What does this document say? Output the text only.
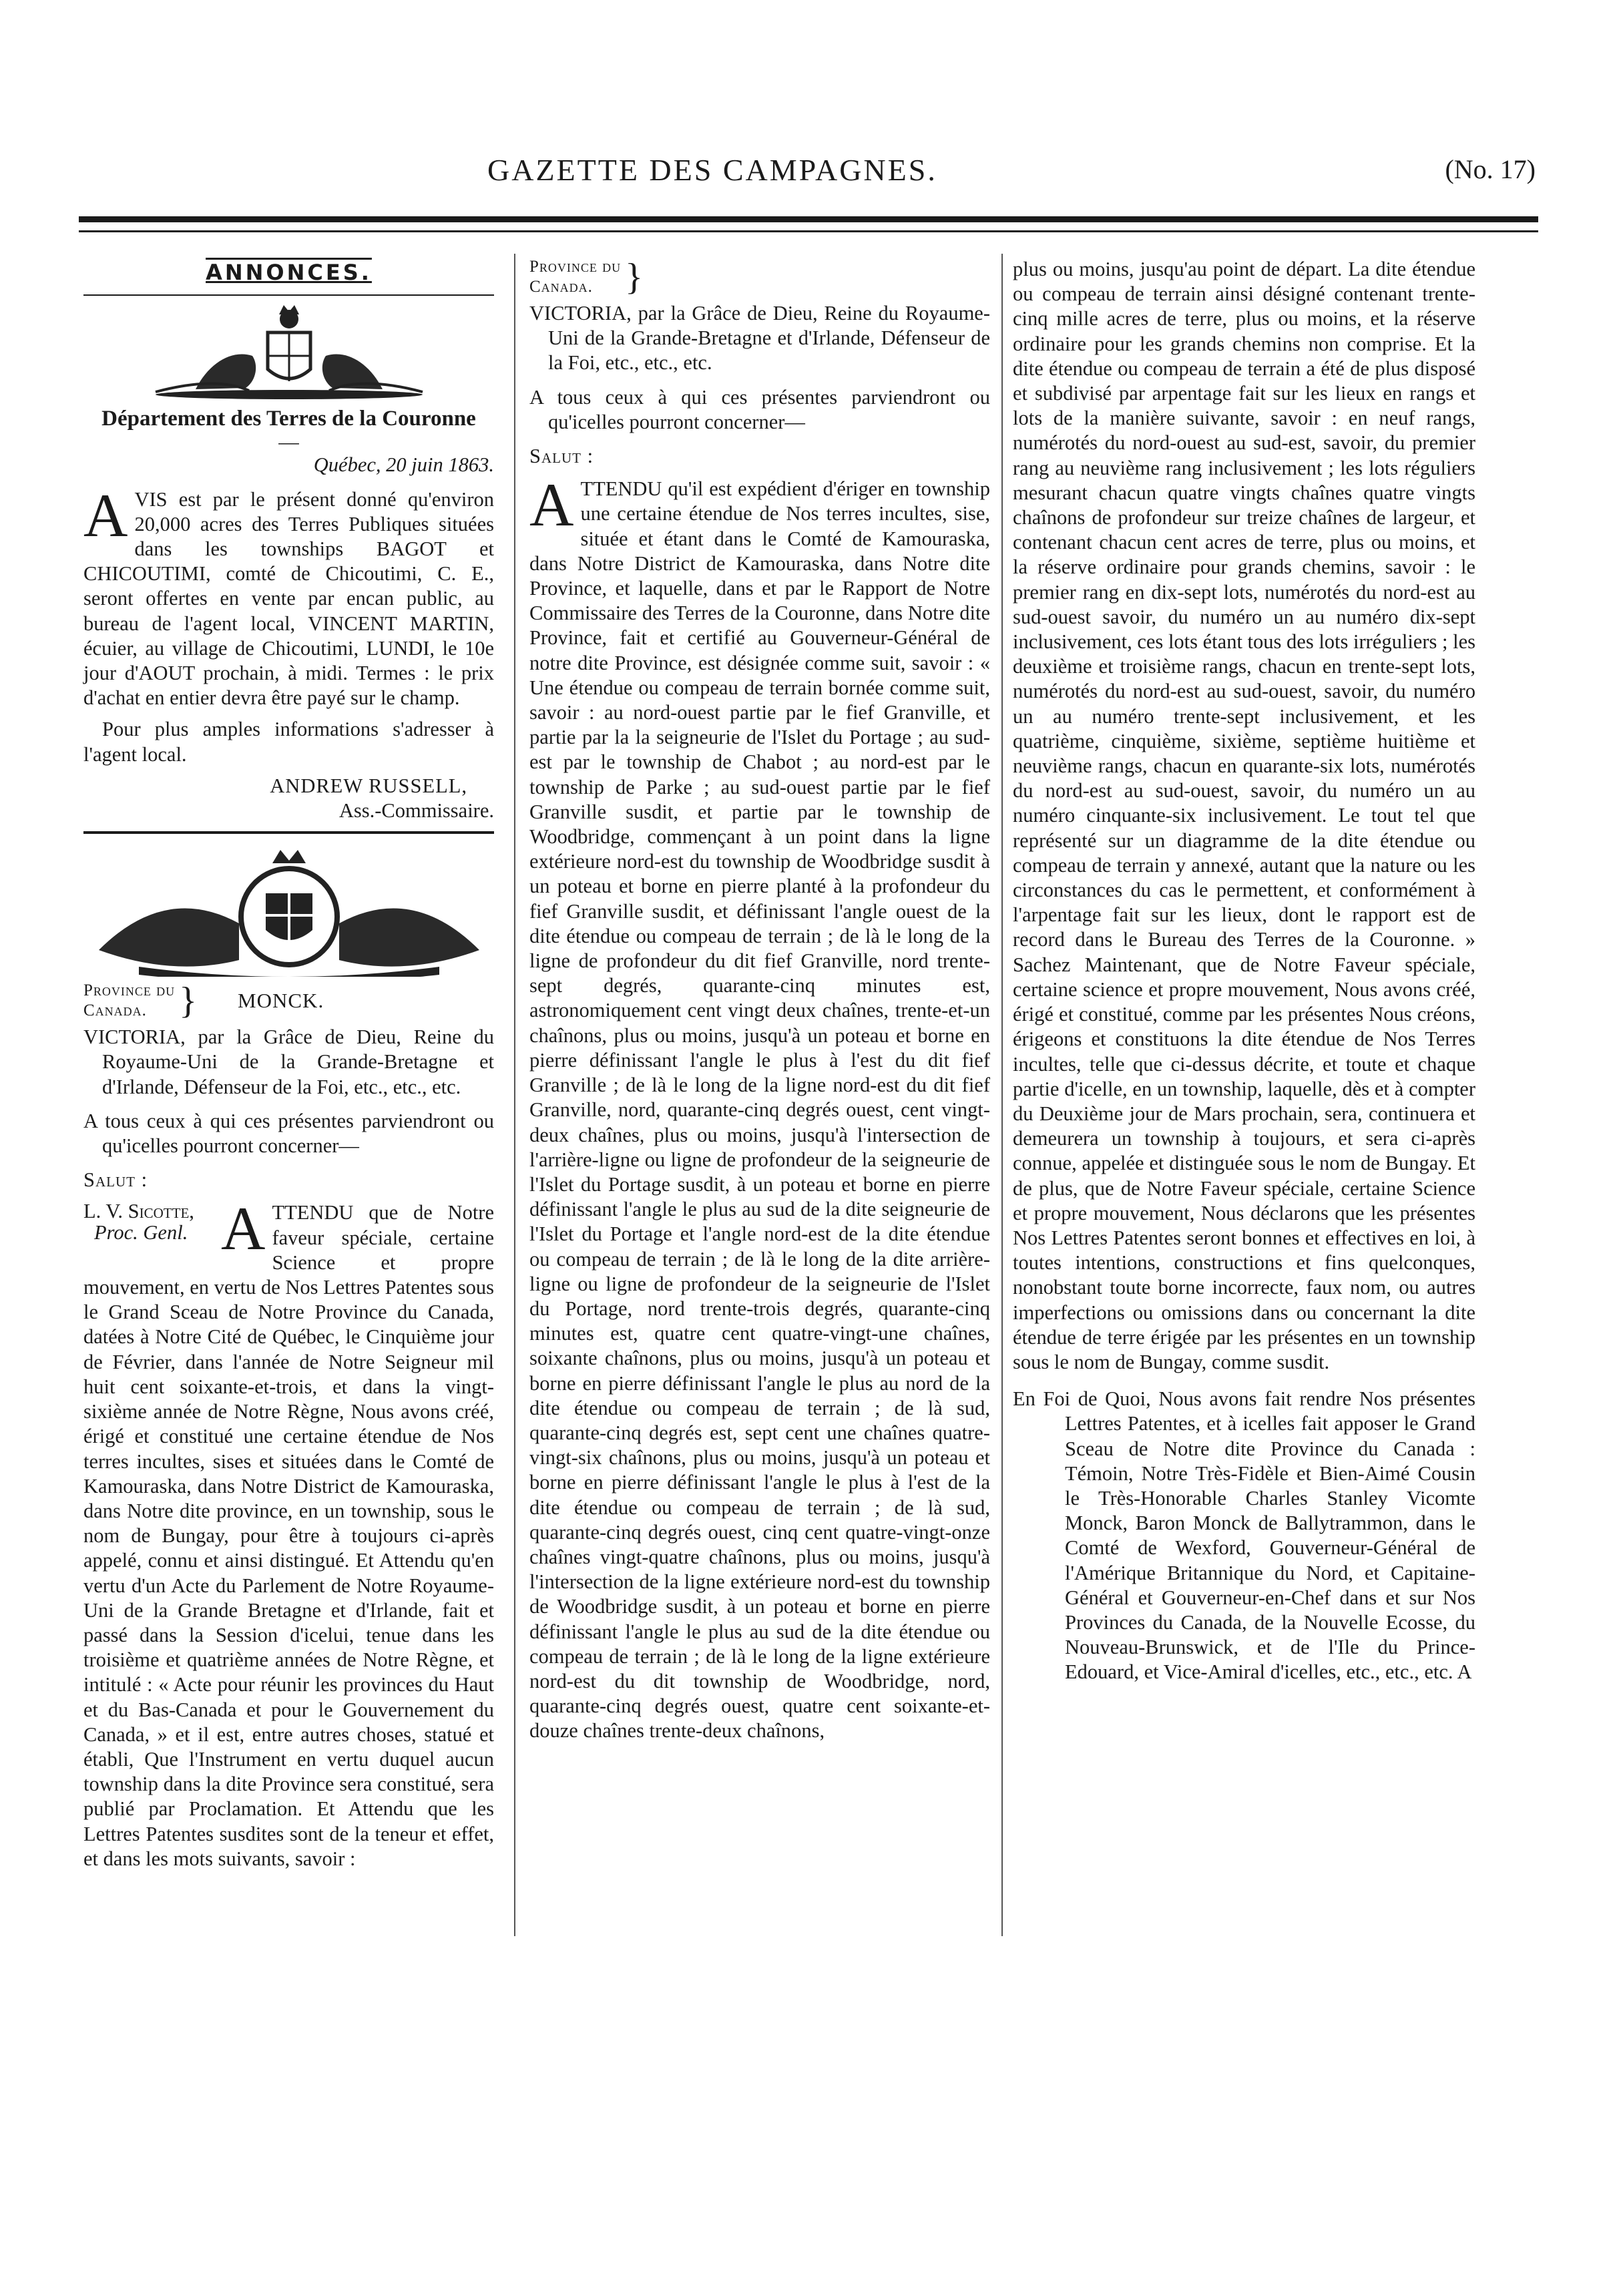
GAZETTE DES CAMPAGNES.	(No. 17)
ANNONCES.
Département des Terres de la Couronne
—
Québec, 20 juin 1863.

AVIS est par le présent donné qu'environ 20,000 acres des Terres Publiques situées dans les townships BAGOT et CHICOUTIMI, comté de Chicoutimi, C. E., seront offertes en vente par encan public, au bureau de l'agent local, VINCENT MARTIN, écuier, au village de Chicoutimi, LUNDI, le 10e jour d'AOUT prochain, à midi. Termes : le prix d'achat en entier devra être payé sur le champ.

Pour plus amples informations s'adresser à l'agent local.

ANDREW RUSSELL,
Ass.-Commissaire.
Province du
Canada. } MONCK.

VICTORIA, par la Grâce de Dieu, Reine du Royaume-Uni de la Grande-Bretagne et d'Irlande, Défenseur de la Foi, etc., etc., etc.

A tous ceux à qui ces présentes parviendront ou qu'icelles pourront concerner—

Salut :

L. V. Sicotte,
Proc. Genl. A TTENDU que de Notre faveur spéciale, certaine Science et propre mouvement, en vertu de Nos Lettres Patentes sous le Grand Sceau de Notre Province du Canada, datées à Notre Cité de Québec, le Cinquième jour de Février, dans l'année de Notre Seigneur mil huit cent soixante-et-trois, et dans la vingt-sixième année de Notre Règne, Nous avons créé, érigé et constitué une certaine étendue de Nos terres incultes, sises et situées dans le Comté de Kamouraska, dans Notre District de Kamouraska, dans Notre dite province, en un township, sous le nom de Bungay, pour être à toujours ci-après appelé, connu et ainsi distingué. Et Attendu qu'en vertu d'un Acte du Parlement de Notre Royaume-Uni de la Grande Bretagne et d'Irlande, fait et passé dans la Session d'icelui, tenue dans les troisième et quatrième années de Notre Règne, et intitulé : « Acte pour réunir les provinces du Haut et du Bas-Canada et pour le Gouvernement du Canada, » et il est, entre autres choses, statué et établi, Que l'Instrument en vertu duquel aucun township dans la dite Province sera constitué, sera publié par Proclamation. Et Attendu que les Lettres Patentes susdites sont de la teneur et effet, et dans les mots suivants, savoir :

Province du
Canada. }

VICTORIA, par la Grâce de Dieu, Reine du Royaume-Uni de la Grande-Bretagne et d'Irlande, Défenseur de la Foi, etc., etc., etc.

A tous ceux à qui ces présentes parviendront ou qu'icelles pourront concerner—

Salut :

ATTENDU qu'il est expédient d'ériger en township une certaine étendue de Nos terres incultes, sise, située et étant dans le Comté de Kamouraska, dans Notre District de Kamouraska, dans Notre dite Province, et laquelle, dans et par le Rapport de Notre Commissaire des Terres de la Couronne, dans Notre dite Province, fait et certifié au Gouverneur-Général de notre dite Province, est désignée comme suit, savoir : « Une étendue ou compeau de terrain bornée comme suit, savoir : au nord-ouest partie par le fief Granville, et partie par la la seigneurie de l'Islet du Portage ; au sud-est par le township de Chabot ; au nord-est par le township de Parke ; au sud-ouest partie par le fief Granville susdit, et partie par le township de Woodbridge, commençant à un point dans la ligne extérieure nord-est du township de Woodbridge susdit à un poteau et borne en pierre planté à la profondeur du fief Granville susdit, et définissant l'angle ouest de la dite étendue ou compeau de terrain ; de là le long de la ligne de profondeur du dit fief Granville, nord trente-sept degrés, quarante-cinq minutes est, astronomiquement cent vingt deux chaînes, trente-et-un chaînons, plus ou moins, jusqu'à un poteau et borne en pierre définissant l'angle le plus à l'est du dit fief Granville ; de là le long de la ligne nord-est du dit fief Granville, nord, quarante-cinq degrés ouest, cent vingt-deux chaînes, plus ou moins, jusqu'à l'intersection de l'arrière-ligne ou ligne de profondeur de la seigneurie de l'Islet du Portage susdit, à un poteau et borne en pierre définissant l'angle le plus au sud de la dite seigneurie de l'Islet du Portage et l'angle nord-est de la dite étendue ou compeau de terrain ; de là le long de la dite arrière-ligne ou ligne de profondeur de la seigneurie de l'Islet du Portage, nord trente-trois degrés, quarante-cinq minutes est, quatre cent quatre-vingt-une chaînes, soixante chaînons, plus ou moins, jusqu'à un poteau et borne en pierre définissant l'angle le plus au nord de la dite étendue ou compeau de terrain ; de là sud, quarante-cinq degrés est, sept cent une chaînes quatre-vingt-six chaînons, plus ou moins, jusqu'à un poteau et borne en pierre définissant l'angle le plus à l'est de la dite étendue ou compeau de terrain ; de là sud, quarante-cinq degrés ouest, cinq cent quatre-vingt-onze chaînes vingt-quatre chaînons, plus ou moins, jusqu'à l'intersection de la ligne extérieure nord-est du township de Woodbridge susdit, à un poteau et borne en pierre définissant l'angle le plus au sud de la dite étendue ou compeau de terrain ; de là le long de la ligne extérieure nord-est du dit township de Woodbridge, nord, quarante-cinq degrés ouest, quatre cent soixante-et-douze chaînes trente-deux chaînons,

plus ou moins, jusqu'au point de départ. La dite étendue ou compeau de terrain ainsi désigné contenant trente-cinq mille acres de terre, plus ou moins, et la réserve ordinaire pour les grands chemins non comprise. Et la dite étendue ou compeau de terrain a été de plus disposé et subdivisé par arpentage fait sur les lieux en rangs et lots de la manière suivante, savoir : en neuf rangs, numérotés du nord-ouest au sud-est, savoir, du premier rang au neuvième rang inclusivement ; les lots réguliers mesurant chacun quatre vingts chaînes quatre vingts chaînons de profondeur sur treize chaînes de largeur, et contenant chacun cent acres de terre, plus ou moins, et la réserve ordinaire pour grands chemins, savoir : le premier rang en dix-sept lots, numérotés du nord-est au sud-ouest savoir, du numéro un au numéro dix-sept inclusivement, ces lots étant tous des lots irréguliers ; les deuxième et troisième rangs, chacun en trente-sept lots, numérotés du nord-est au sud-ouest, savoir, du numéro un au numéro trente-sept inclusivement, et les quatrième, cinquième, sixième, septième huitième et neuvième rangs, chacun en quarante-six lots, numérotés du nord-est au sud-ouest, savoir, du numéro un au numéro cinquante-six inclusivement. Le tout tel que représenté sur un diagramme de la dite étendue ou compeau de terrain y annexé, autant que la nature ou les circonstances du cas le permettent, et conformément à l'arpentage fait sur les lieux, dont le rapport est de record dans le Bureau des Terres de la Couronne. » Sachez Maintenant, que de Notre Faveur spéciale, certaine science et propre mouvement, Nous avons créé, érigé et constitué, comme par les présentes Nous créons, érigeons et constituons la dite étendue de Nos Terres incultes, telle que ci-dessus décrite, et toute et chaque partie d'icelle, en un township, laquelle, dès et à compter du Deuxième jour de Mars prochain, sera, continuera et demeurera un township à toujours, et sera ci-après connue, appelée et distinguée sous le nom de Bungay. Et de plus, que de Notre Faveur spéciale, certaine Science et propre mouvement, Nous déclarons que les présentes Nos Lettres Patentes seront bonnes et effectives en loi, à toutes intentions, constructions et fins quelconques, nonobstant toute borne incorrecte, faux nom, ou autres imperfections ou omissions dans ou concernant la dite étendue de terre érigée par les présentes en un township sous le nom de Bungay, comme susdit.

En Foi de Quoi, Nous avons fait rendre Nos présentes Lettres Patentes, et à icelles fait apposer le Grand Sceau de Notre dite Province du Canada : Témoin, Notre Très-Fidèle et Bien-Aimé Cousin le Très-Honorable Charles Stanley Vicomte Monck, Baron Monck de Ballytrammon, dans le Comté de Wexford, Gouverneur-Général de l'Amérique Britannique du Nord, et Capitaine-Général et Gouverneur-en-Chef dans et sur Nos Provinces du Canada, de la Nouvelle Ecosse, du Nouveau-Brunswick, et de l'Ile du Prince-Edouard, et Vice-Amiral d'icelles, etc., etc., etc. A
